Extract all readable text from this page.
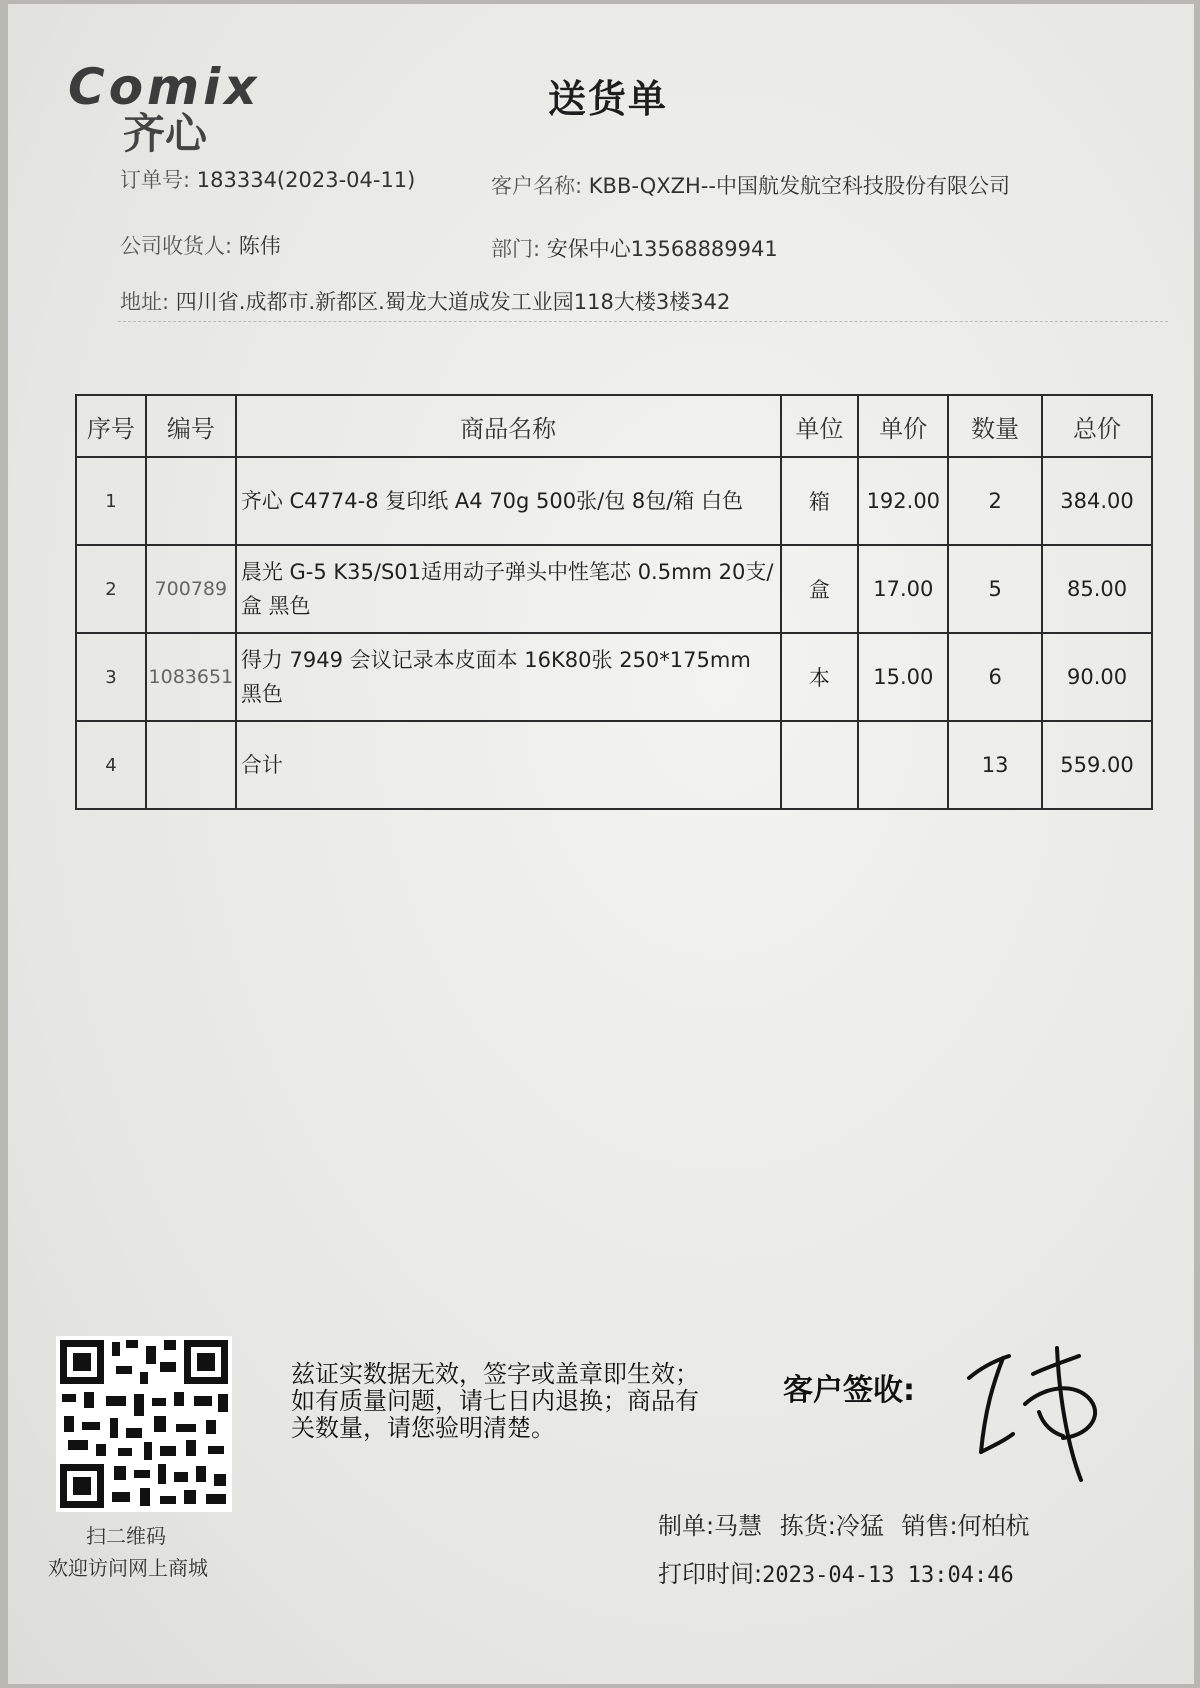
Comix
齐心
送货单
订单号: 183334(2023-04-11)	客户名称: KBB-QXZH--中国航发航空科技股份有限公司
公司收货人: 陈伟	部门: 安保中心13568889941
地址: 四川省.成都市.新都区.蜀龙大道成发工业园118大楼3楼342
序号	编号	商品名称	单位	单价	数量	总价
1		齐心 C4774-8 复印纸 A4 70g 500张/包 8包/箱 白色	箱	192.00	2	384.00
2	700789	晨光 G-5 K35/S01适用动子弹头中性笔芯 0.5mm 20支/盒 黑色	盒	17.00	5	85.00
3	1083651	得力 7949 会议记录本皮面本 16K80张 250*175mm 黑色	本	15.00	6	90.00
4		合计			13	559.00
扫二维码
欢迎访问网上商城
兹证实数据无效，签字或盖章即生效；如有质量问题，请七日内退换；商品有关数量，请您验明清楚。
客户签收:
制单:马慧 拣货:冷猛 销售:何柏杭
打印时间:2023-04-13 13:04:46
